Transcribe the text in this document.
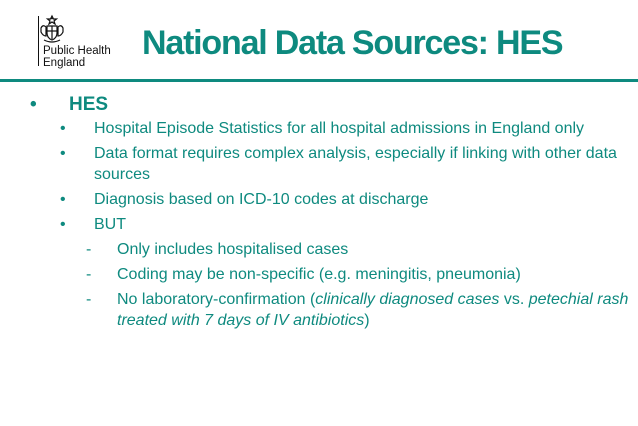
Public Health
England
National Data Sources: HES
• HES
• Hospital Episode Statistics for all hospital admissions in England only
• Data format requires complex analysis, especially if linking with other data sources
• Diagnosis based on ICD-10 codes at discharge
• BUT
- Only includes hospitalised cases
- Coding may be non-specific (e.g. meningitis, pneumonia)
- No laboratory-confirmation (clinically diagnosed cases vs. petechial rash treated with 7 days of IV antibiotics)
